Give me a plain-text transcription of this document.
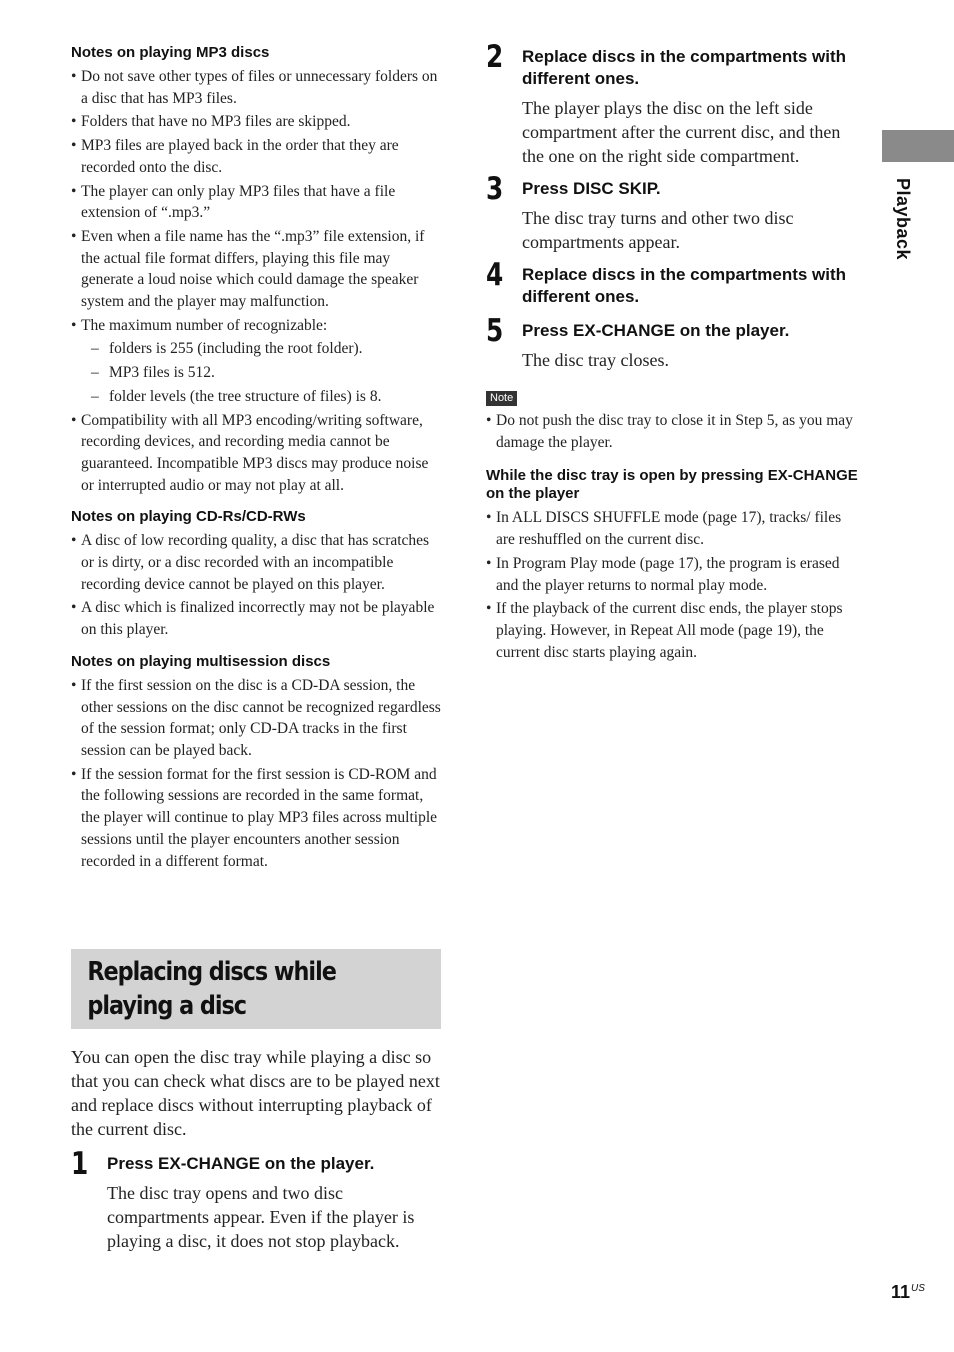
Notes on playing MP3 discs
• Do not save other types of files or unnecessary folders on a disc that has MP3 files.
• Folders that have no MP3 files are skipped.
• MP3 files are played back in the order that they are recorded onto the disc.
• The player can only play MP3 files that have a file extension of “.mp3.”
• Even when a file name has the “.mp3” file extension, if the actual file format differs, playing this file may generate a loud noise which could damage the speaker system and the player may malfunction.
• The maximum number of recognizable:
– folders is 255 (including the root folder).
– MP3 files is 512.
– folder levels (the tree structure of files) is 8.
• Compatibility with all MP3 encoding/writing software, recording devices, and recording media cannot be guaranteed. Incompatible MP3 discs may produce noise or interrupted audio or may not play at all.
Notes on playing CD-Rs/CD-RWs
• A disc of low recording quality, a disc that has scratches or is dirty, or a disc recorded with an incompatible recording device cannot be played on this player.
• A disc which is finalized incorrectly may not be playable on this player.
Notes on playing multisession discs
• If the first session on the disc is a CD-DA session, the other sessions on the disc cannot be recognized regardless of the session format; only CD-DA tracks in the first session can be played back.
• If the session format for the first session is CD-ROM and the following sessions are recorded in the same format, the player will continue to play MP3 files across multiple sessions until the player encounters another session recorded in a different format.
Replacing discs while playing a disc
You can open the disc tray while playing a disc so that you can check what discs are to be played next and replace discs without interrupting playback of the current disc.
1 Press EX-CHANGE on the player.
The disc tray opens and two disc compartments appear. Even if the player is playing a disc, it does not stop playback.
2 Replace discs in the compartments with different ones.
The player plays the disc on the left side compartment after the current disc, and then the one on the right side compartment.
3 Press DISC SKIP.
The disc tray turns and other two disc compartments appear.
4 Replace discs in the compartments with different ones.
5 Press EX-CHANGE on the player.
The disc tray closes.
Note
• Do not push the disc tray to close it in Step 5, as you may damage the player.
While the disc tray is open by pressing EX-CHANGE on the player
• In ALL DISCS SHUFFLE mode (page 17), tracks/ files are reshuffled on the current disc.
• In Program Play mode (page 17), the program is erased and the player returns to normal play mode.
• If the playback of the current disc ends, the player stops playing. However, in Repeat All mode (page 19), the current disc starts playing again.
Playback
$11^{US}$
